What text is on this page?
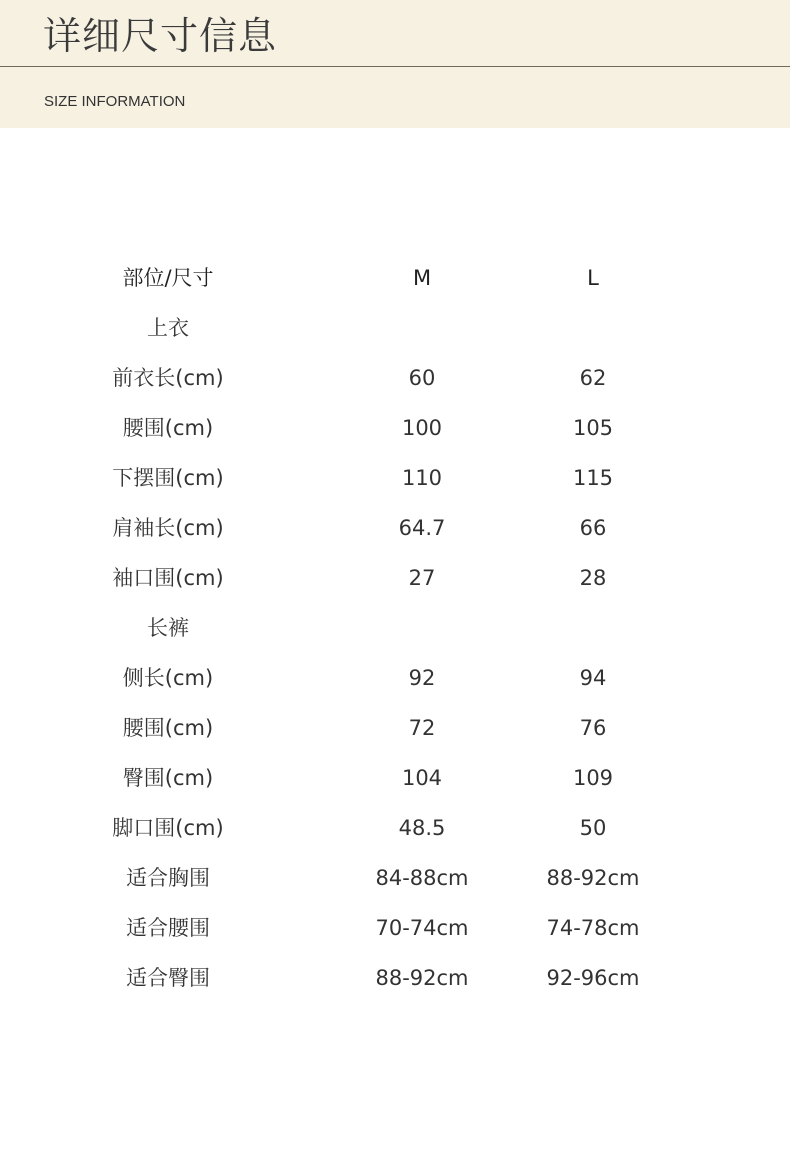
详细尺寸信息
SIZE INFORMATION
部位/尺寸	M	L
上衣
前衣长(cm)	60	62
腰围(cm)	100	105
下摆围(cm)	110	115
肩袖长(cm)	64.7	66
袖口围(cm)	27	28
长裤
侧长(cm)	92	94
腰围(cm)	72	76
臀围(cm)	104	109
脚口围(cm)	48.5	50
适合胸围	84-88cm	88-92cm
适合腰围	70-74cm	74-78cm
适合臀围	88-92cm	92-96cm
